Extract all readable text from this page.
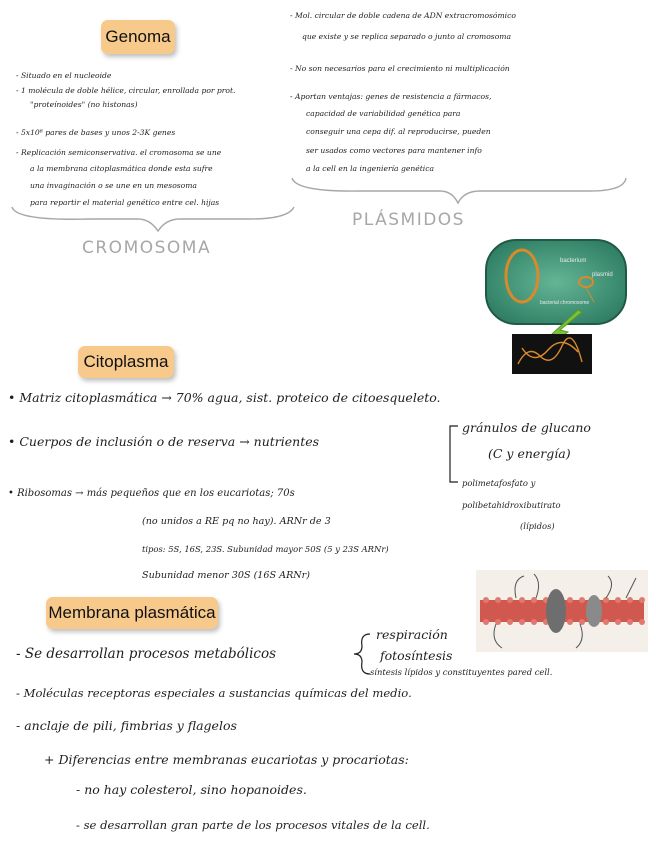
Genoma
- Situado en el nucleoide
- 1 molécula de doble hélice, circular, enrollada por prot.
"proteínoides" (no histonas)
- 5x10⁶ pares de bases y unos 2-3K genes
- Replicación semiconservativa. el cromosoma se une
a la membrana citoplasmática donde esta sufre
una invaginación o se une en un mesosoma
para repartir el material genético entre cel. hijas
CROMOSOMA
- Mol. circular de doble cadena de ADN extracromosómico
que existe y se replica separado o junto al cromosoma
- No son necesarios para el crecimiento ni multiplicación
- Aportan ventajas: genes de resistencia a fármacos,
capacidad de variabilidad genética para
conseguir una cepa dif. al reproducirse, pueden
ser usados como vectores para mantener info
a la cell en la ingeniería genética
PLÁSMIDOS
bacterium
plasmid
bacterial chromosome
Citoplasma
• Matriz citoplasmática → 70% agua, sist. proteico de citoesqueleto.
• Cuerpos de inclusión o de reserva → nutrientes
gránulos de glucano
(C y energía)
polimetafosfato y
polibetahidroxibutirato
(lípidos)
• Ribosomas → más pequeños que en los eucariotas; 70s
(no unidos a RE pq no hay). ARNr de 3
tipos: 5S, 16S, 23S. Subunidad mayor 50S (5 y 23S ARNr)
Subunidad menor 30S (16S ARNr)
Membrana plasmática
- Se desarrollan procesos metabólicos
respiración
fotosíntesis
síntesis lípidos y constituyentes pared cell.
- Moléculas receptoras especiales a sustancias químicas del medio.
- anclaje de pili, fimbrias y flagelos
+ Diferencias entre membranas eucariotas y procariotas:
- no hay colesterol, sino hopanoides.
- se desarrollan gran parte de los procesos vitales de la cell.
